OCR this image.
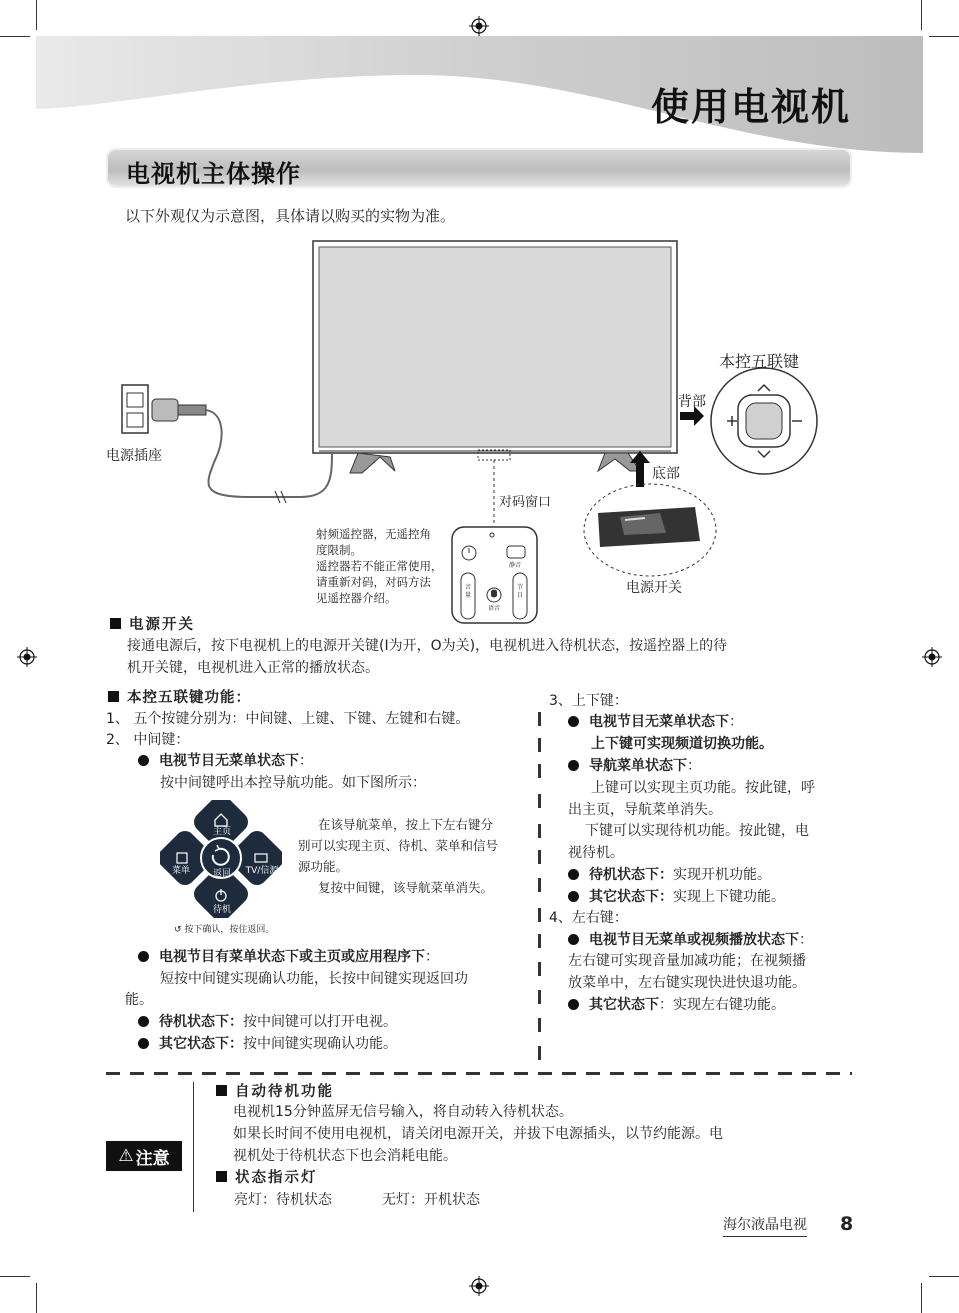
使用电视机
电视机主体操作
以下外观仅为示意图，具体请以购买的实物为准。
本控五联键
背部
底部
电源插座
对码窗口
电源开关
射频遥控器，无遥控角
度限制。
遥控器若不能正常使用，
请重新对码，对码方法
见遥控器介绍。
静音
音量
语音
节目
电源开关
接通电源后，按下电视机上的电源开关键(I为开，O为关)，电视机进入待机状态，按遥控器上的待
机开关键，电视机进入正常的播放状态。
本控五联键功能：
1、 五个按键分别为：中间键、上键、下键、左键和右键。
2、 中间键：
电视节目无菜单状态下：
按中间键呼出本控导航功能。如下图所示：
主页
菜单	返回	TV/信源
待机
↺ 按下确认，按住返回。
在该导航菜单，按上下左右键分
别可以实现主页、待机、菜单和信号
源功能。
复按中间键，该导航菜单消失。
电视节目有菜单状态下或主页或应用程序下：
短按中间键实现确认功能，长按中间键实现返回功
能。
待机状态下：按中间键可以打开电视。
其它状态下：按中间键实现确认功能。
3、上下键：
电视节目无菜单状态下：
上下键可实现频道切换功能。
导航菜单状态下：
上键可以实现主页功能。按此键，呼
出主页，导航菜单消失。
下键可以实现待机功能。按此键，电
视待机。
待机状态下：实现开机功能。
其它状态下：实现上下键功能。
4、左右键：
电视节目无菜单或视频播放状态下：
左右键可实现音量加减功能；在视频播
放菜单中，左右键实现快进快退功能。
其它状态下：实现左右键功能。
⚠ 注意
自动待机功能
电视机15分钟蓝屏无信号输入，将自动转入待机状态。
如果长时间不使用电视机，请关闭电源开关，并拔下电源插头，以节约能源。电
视机处于待机状态下也会消耗电能。
状态指示灯
亮灯：待机状态	无灯：开机状态
海尔液晶电视 8
